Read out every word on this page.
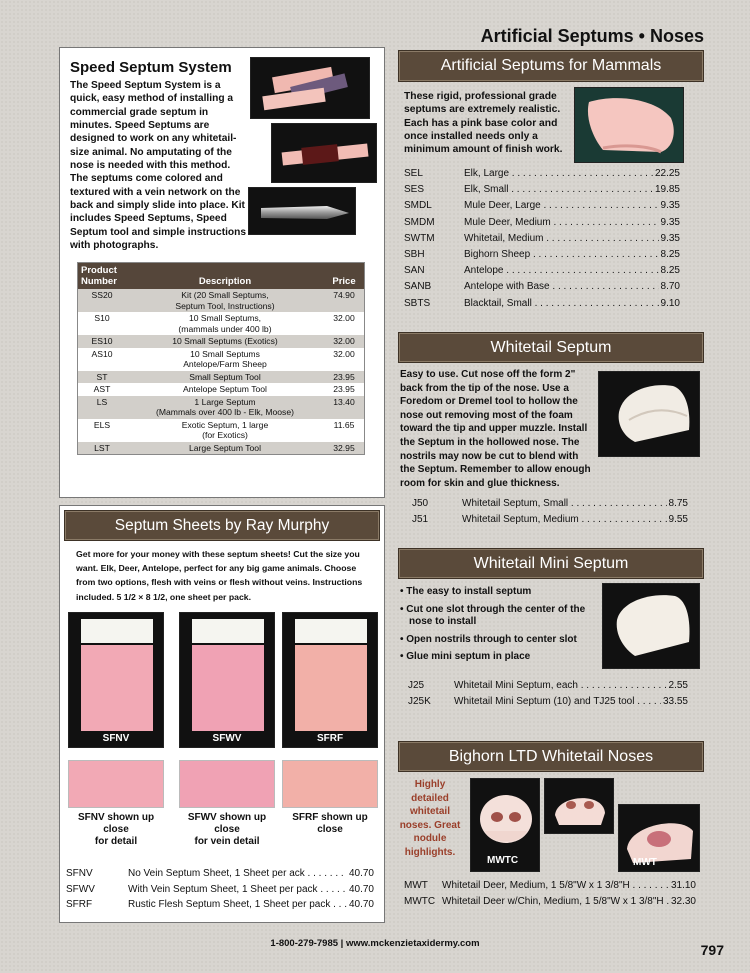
Artificial Septums • Noses
Speed Septum System
The Speed Septum System is a quick, easy method of installing a commercial grade septum in minutes. Speed Septums are designed to work on any whitetail-size animal. No amputating of the nose is needed with this method. The septums come colored and textured with a vein network on the back and simply slide into place. Kit includes Speed Septums, Speed Septum tool and simple instructions with photographs.
Product Number	Description	Price
SS20	Kit (20 Small Septums,
Septum Tool, Instructions)	74.90
S10	10 Small Septums,
(mammals under 400 lb)	32.00
ES10	10 Small Septums (Exotics)	32.00
AS10	10 Small Septums
Antelope/Farm Sheep	32.00
ST	Small Septum Tool	23.95
AST	Antelope Septum Tool	23.95
LS	1 Large Septum
(Mammals over 400 lb - Elk, Moose)	13.40
ELS	Exotic Septum, 1 large
(for Exotics)	11.65
LST	Large Septum Tool	32.95
Septum Sheets by Ray Murphy
Get more for your money with these septum sheets! Cut the size you want. Elk, Deer, Antelope, perfect for any big game animals. Choose from two options, flesh with veins or flesh without veins. Instructions included. 5 1/2 × 8 1/2, one sheet per pack.
SFNV	SFWV	SFRF
SFNV shown up
close
for detail
SFWV shown up
close
for vein detail
SFRF shown up
close
SFNV	No Vein Septum Sheet, 1 Sheet per ack . . .	40.70
SFWV	With Vein Septum Sheet, 1 Sheet per pack . . .	40.70
SFRF	Rustic Flesh Septum Sheet, 1 Sheet per pack . . .	40.70
Artificial Septums for Mammals
These rigid, professional grade septums are extremely realistic. Each has a pink base color and once installed needs only a minimum amount of finish work.
SEL	Elk, Large . . .	22.25
SES	Elk, Small . . .	19.85
SMDL	Mule Deer, Large . . .	9.35
SMDM	Mule Deer, Medium . . .	9.35
SWTM	Whitetail, Medium . . .	9.35
SBH	Bighorn Sheep . . .	8.25
SAN	Antelope . . .	8.25
SANB	Antelope with Base . . .	8.70
SBTS	Blacktail, Small . . .	9.10
Whitetail Septum
Easy to use. Cut nose off the form 2" back from the tip of the nose. Use a Foredom or Dremel tool to hollow the nose out removing most of the foam toward the tip and upper muzzle. Install the Septum in the hollowed nose. The nostrils may now be cut to blend with the Septum. Remember to allow enough room for skin and glue thickness.
J50	Whitetail Septum, Small . . .	8.75
J51	Whitetail Septum, Medium . . .	9.55
Whitetail Mini Septum
• The easy to install septum
• Cut one slot through the center of the nose to install
• Open nostrils through to center slot
• Glue mini septum in place
J25	Whitetail Mini Septum, each . . .	2.55
J25K	Whitetail Mini Septum (10) and TJ25 tool . . .	33.55
Bighorn LTD Whitetail Noses
Highly detailed whitetail noses. Great nodule highlights.
MWTC	MWT
MWT	Whitetail Deer, Medium, 1 5/8"W x 1 3/8"H . . .	31.10
MWTC Whitetail Deer w/Chin, Medium, 1 5/8"W x 1 3/8"H . . . 32.30
1-800-279-7985 | www.mckenzietaxidermy.com	797
